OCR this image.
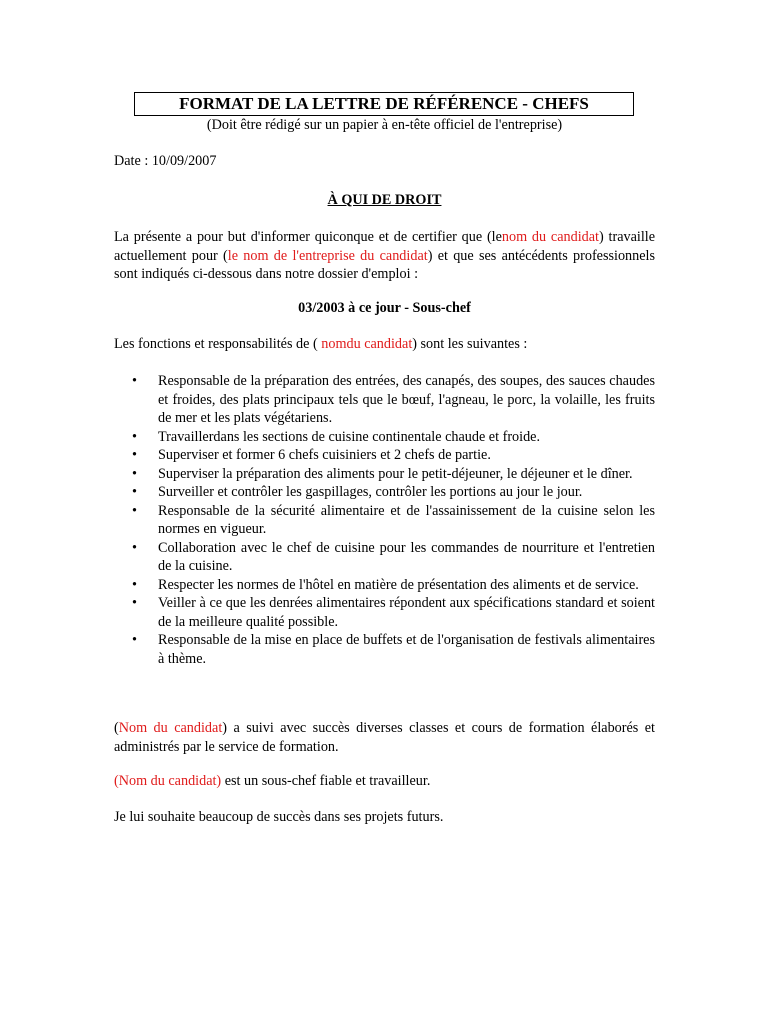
FORMAT DE LA LETTRE DE RÉFÉRENCE - CHEFS
(Doit être rédigé sur un papier à en-tête officiel de l'entreprise)
Date : 10/09/2007
À QUI DE DROIT

La présente a pour but d'informer quiconque et de certifier que (lenom du candidat) travaille actuellement pour (le nom de l'entreprise du candidat) et que ses antécédents professionnels sont indiqués ci-dessous dans notre dossier d'emploi :

03/2003 à ce jour - Sous-chef

Les fonctions et responsabilités de ( nomdu candidat) sont les suivantes :

•	Responsable de la préparation des entrées, des canapés, des soupes, des sauces chaudes et froides, des plats principaux tels que le bœuf, l'agneau, le porc, la volaille, les fruits de mer et les plats végétariens.
•	Travaillerdans les sections de cuisine continentale chaude et froide.
•	Superviser et former 6 chefs cuisiniers et 2 chefs de partie.
•	Superviser la préparation des aliments pour le petit-déjeuner, le déjeuner et le dîner.
•	Surveiller et contrôler les gaspillages, contrôler les portions au jour le jour.
•	Responsable de la sécurité alimentaire et de l'assainissement de la cuisine selon les normes en vigueur.
•	Collaboration avec le chef de cuisine pour les commandes de nourriture et l'entretien de la cuisine.
•	Respecter les normes de l'hôtel en matière de présentation des aliments et de service.
•	Veiller à ce que les denrées alimentaires répondent aux spécifications standard et soient de la meilleure qualité possible.
•	Responsable de la mise en place de buffets et de l'organisation de festivals alimentaires à thème.

(Nom du candidat) a suivi avec succès diverses classes et cours de formation élaborés et administrés par le service de formation.

(Nom du candidat) est un sous-chef fiable et travailleur.

Je lui souhaite beaucoup de succès dans ses projets futurs.
